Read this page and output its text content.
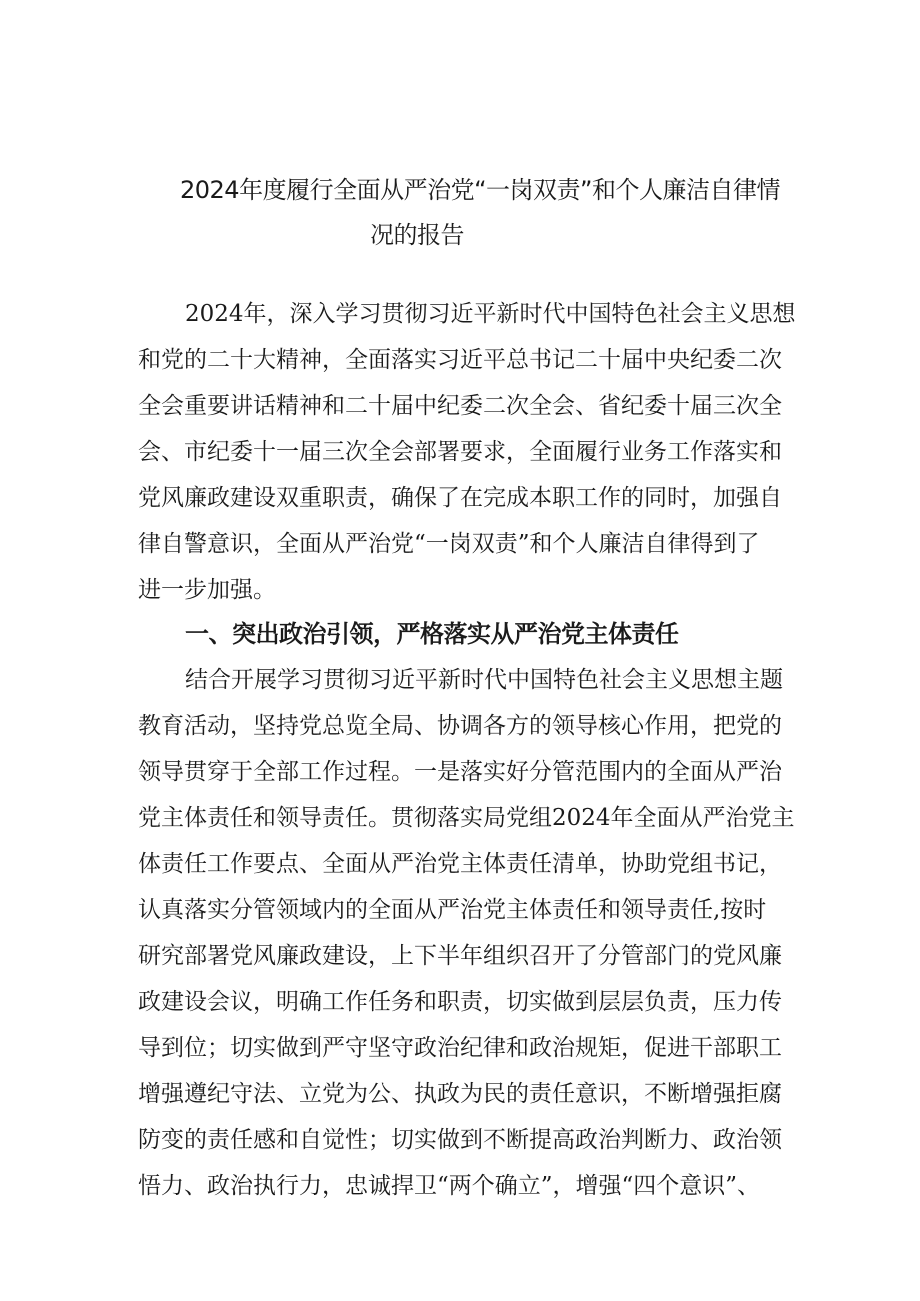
2024年度履行全面从严治党“一岗双责”和个人廉洁自律情
况的报告

2024年，深入学习贯彻习近平新时代中国特色社会主义思想

和党的二十大精神，全面落实习近平总书记二十届中央纪委二次

全会重要讲话精神和二十届中纪委二次全会、省纪委十届三次全

会、市纪委十一届三次全会部署要求，全面履行业务工作落实和

党风廉政建设双重职责，确保了在完成本职工作的同时，加强自

律自警意识，全面从严治党“一岗双责”和个人廉洁自律得到了

进一步加强。

一、突出政治引领，严格落实从严治党主体责任

结合开展学习贯彻习近平新时代中国特色社会主义思想主题

教育活动，坚持党总览全局、协调各方的领导核心作用，把党的

领导贯穿于全部工作过程。一是落实好分管范围内的全面从严治

党主体责任和领导责任。贯彻落实局党组2024年全面从严治党主

体责任工作要点、全面从严治党主体责任清单，协助党组书记，

认真落实分管领域内的全面从严治党主体责任和领导责任,按时

研究部署党风廉政建设，上下半年组织召开了分管部门的党风廉

政建设会议，明确工作任务和职责，切实做到层层负责，压力传

导到位；切实做到严守坚守政治纪律和政治规矩，促进干部职工

增强遵纪守法、立党为公、执政为民的责任意识，不断增强拒腐

防变的责任感和自觉性；切实做到不断提高政治判断力、政治领

悟力、政治执行力，忠诚捍卫“两个确立”，增强“四个意识”、
